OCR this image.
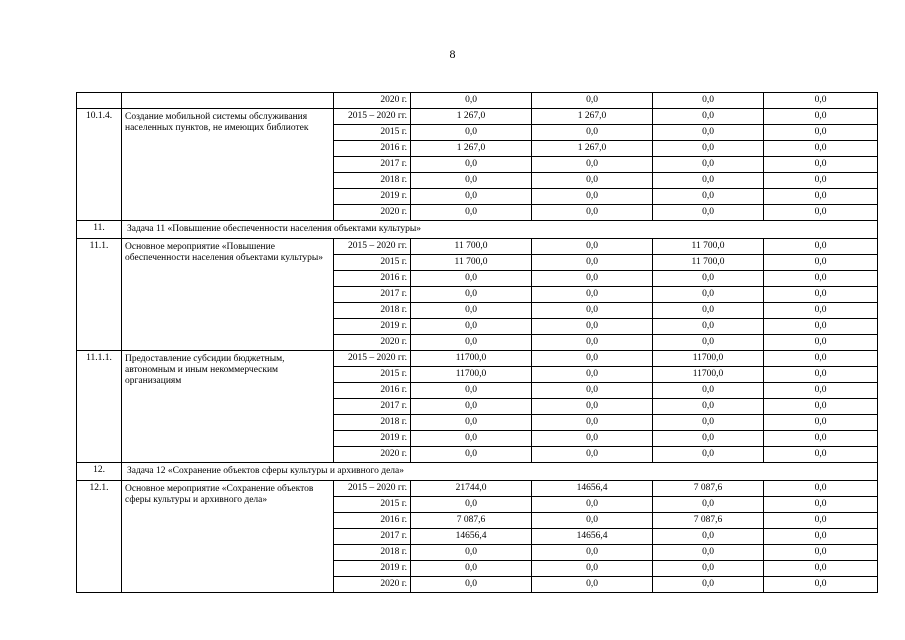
8
		2020 г.	0,0	0,0	0,0	0,0
10.1.4.	Создание мобильной системы обслуживания населенных пунктов, не имеющих библиотек	2015 – 2020 гг.	1 267,0	1 267,0	0,0	0,0
		2015 г.	0,0	0,0	0,0	0,0
		2016 г.	1 267,0	1 267,0	0,0	0,0
		2017 г.	0,0	0,0	0,0	0,0
		2018 г.	0,0	0,0	0,0	0,0
		2019 г.	0,0	0,0	0,0	0,0
		2020 г.	0,0	0,0	0,0	0,0
11.	Задача 11 «Повышение обеспеченности населения объектами культуры»					
11.1.	Основное мероприятие «Повышение обеспеченности населения объектами культуры»	2015 – 2020 гг.	11 700,0	0,0	11 700,0	0,0
		2015 г.	11 700,0	0,0	11 700,0	0,0
		2016 г.	0,0	0,0	0,0	0,0
		2017 г.	0,0	0,0	0,0	0,0
		2018 г.	0,0	0,0	0,0	0,0
		2019 г.	0,0	0,0	0,0	0,0
		2020 г.	0,0	0,0	0,0	0,0
11.1.1.	Предоставление субсидии бюджетным, автономным и иным некоммерческим организациям	2015 – 2020 гг.	11700,0	0,0	11700,0	0,0
		2015 г.	11700,0	0,0	11700,0	0,0
		2016 г.	0,0	0,0	0,0	0,0
		2017 г.	0,0	0,0	0,0	0,0
		2018 г.	0,0	0,0	0,0	0,0
		2019 г.	0,0	0,0	0,0	0,0
		2020 г.	0,0	0,0	0,0	0,0
12.	Задача 12 «Сохранение объектов сферы культуры и архивного дела»					
12.1.	Основное мероприятие «Сохранение объектов сферы культуры и архивного дела»	2015 – 2020 гг.	21744,0	14656,4	7 087,6	0,0
		2015 г.	0,0	0,0	0,0	0,0
		2016 г.	7 087,6	0,0	7 087,6	0,0
		2017 г.	14656,4	14656,4	0,0	0,0
		2018 г.	0,0	0,0	0,0	0,0
		2019 г.	0,0	0,0	0,0	0,0
		2020 г.	0,0	0,0	0,0	0,0
